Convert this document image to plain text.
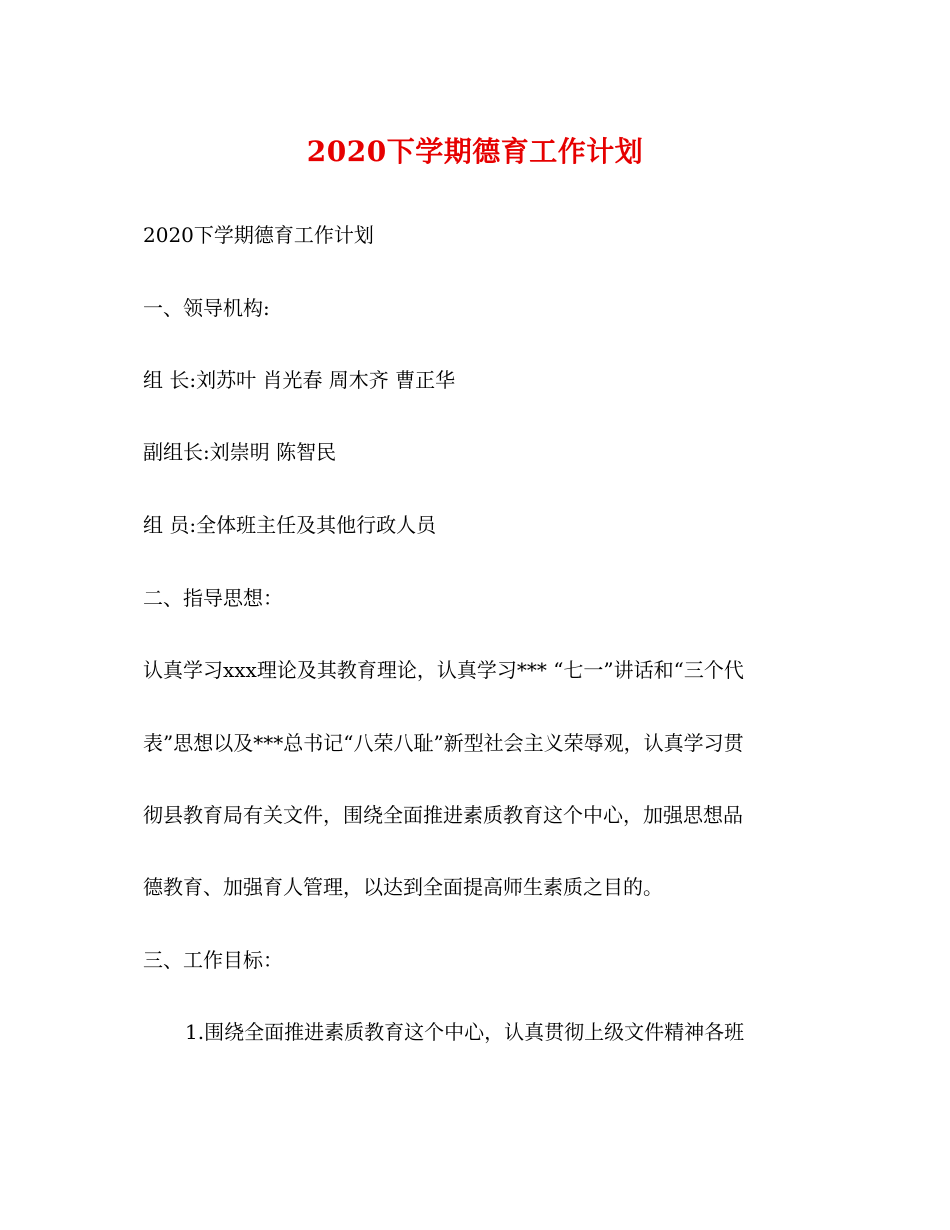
2020下学期德育工作计划
2020下学期德育工作计划
一、领导机构:
组 长:刘苏叶 肖光春 周木齐 曹正华
副组长:刘崇明 陈智民
组 员:全体班主任及其他行政人员
二、指导思想：
认真学习xxx理论及其教育理论，认真学习*** “七一”讲话和“三个代
表”思想以及***总书记“八荣八耻”新型社会主义荣辱观，认真学习贯
彻县教育局有关文件，围绕全面推进素质教育这个中心，加强思想品
德教育、加强育人管理，以达到全面提高师生素质之目的。
三、工作目标：
1.围绕全面推进素质教育这个中心，认真贯彻上级文件精神各班
